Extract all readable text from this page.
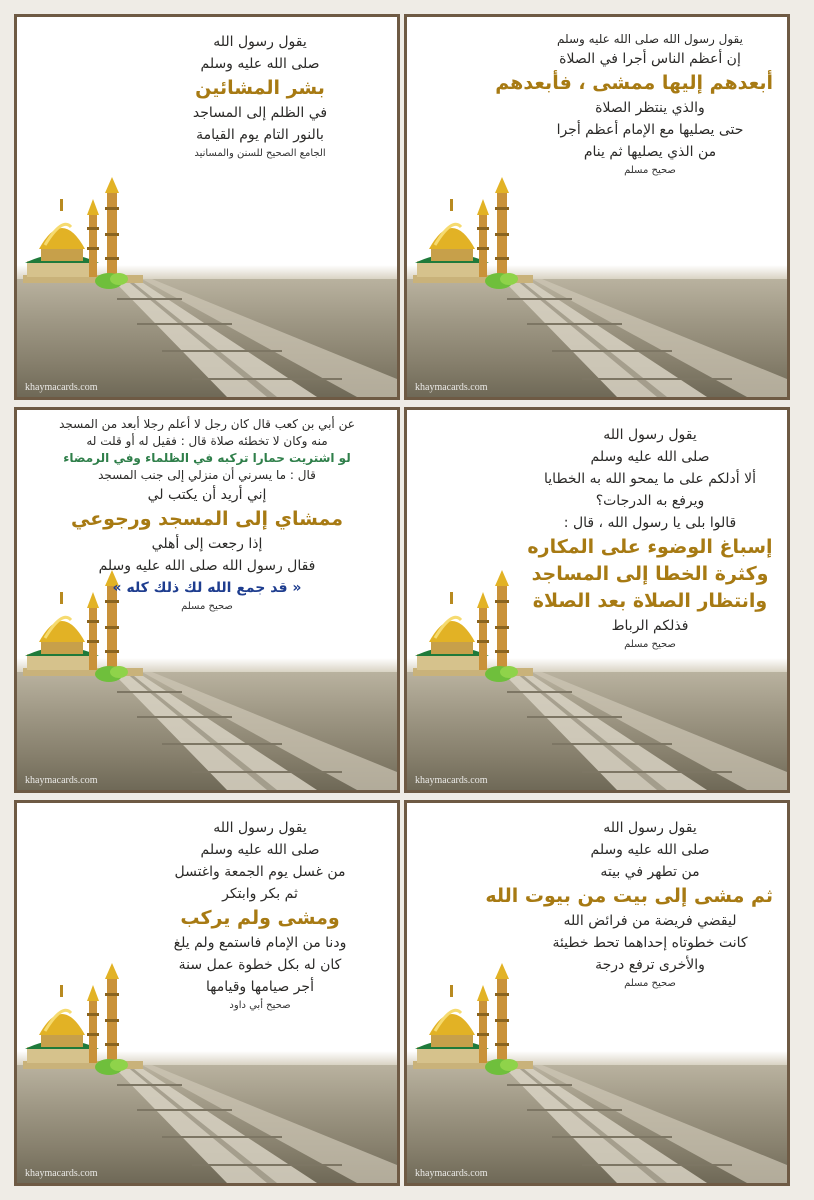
يقول رسول الله
صلى الله عليه وسلم
بشر المشائين
في الظلم إلى المساجد
بالنور التام يوم القيامة
الجامع الصحيح للسنن والمسانيد
khaymacards.com
يقول رسول الله صلى الله عليه وسلم
إن أعظم الناس أجرا في الصلاة
أبعدهم إليها ممشى ، فأبعدهم
والذي ينتظر الصلاة
حتى يصليها مع الإمام أعظم أجرا
من الذي يصليها ثم ينام
صحيح مسلم
khaymacards.com
عن أبي بن كعب قال كان رجل لا أعلم رجلا أبعد من المسجد
منه وكان لا تخطئه صلاة قال : فقيل له أو قلت له
لو اشتريت حمارا تركبه في الظلماء وفي الرمضاء
قال : ما يسرني أن منزلي إلى جنب المسجد
إني أريد أن يكتب لي
ممشاي إلى المسجد ورجوعي
إذا رجعت إلى أهلي
فقال رسول الله صلى الله عليه وسلم
« قد جمع الله لك ذلك كله »
صحيح مسلم
khaymacards.com
يقول رسول الله
صلى الله عليه وسلم
ألا أدلكم على ما يمحو الله به الخطايا
ويرفع به الدرجات؟
قالوا بلى يا رسول الله ، قال :
إسباغ الوضوء على المكاره
وكثرة الخطا إلى المساجد
وانتظار الصلاة بعد الصلاة
فذلكم الرباط
صحيح مسلم
khaymacards.com
يقول رسول الله
صلى الله عليه وسلم
من غسل يوم الجمعة واغتسل
ثم بكر وابتكر
ومشى ولم يركب
ودنا من الإمام فاستمع ولم يلغ
كان له بكل خطوة عمل سنة
أجر صيامها وقيامها
صحيح أبي داود
khaymacards.com
يقول رسول الله
صلى الله عليه وسلم
من تطهر في بيته
ثم مشى إلى بيت من بيوت الله
ليقضي فريضة من فرائض الله
كانت خطوتاه إحداهما تحط خطيئة
والأخرى ترفع درجة
صحيح مسلم
khaymacards.com
